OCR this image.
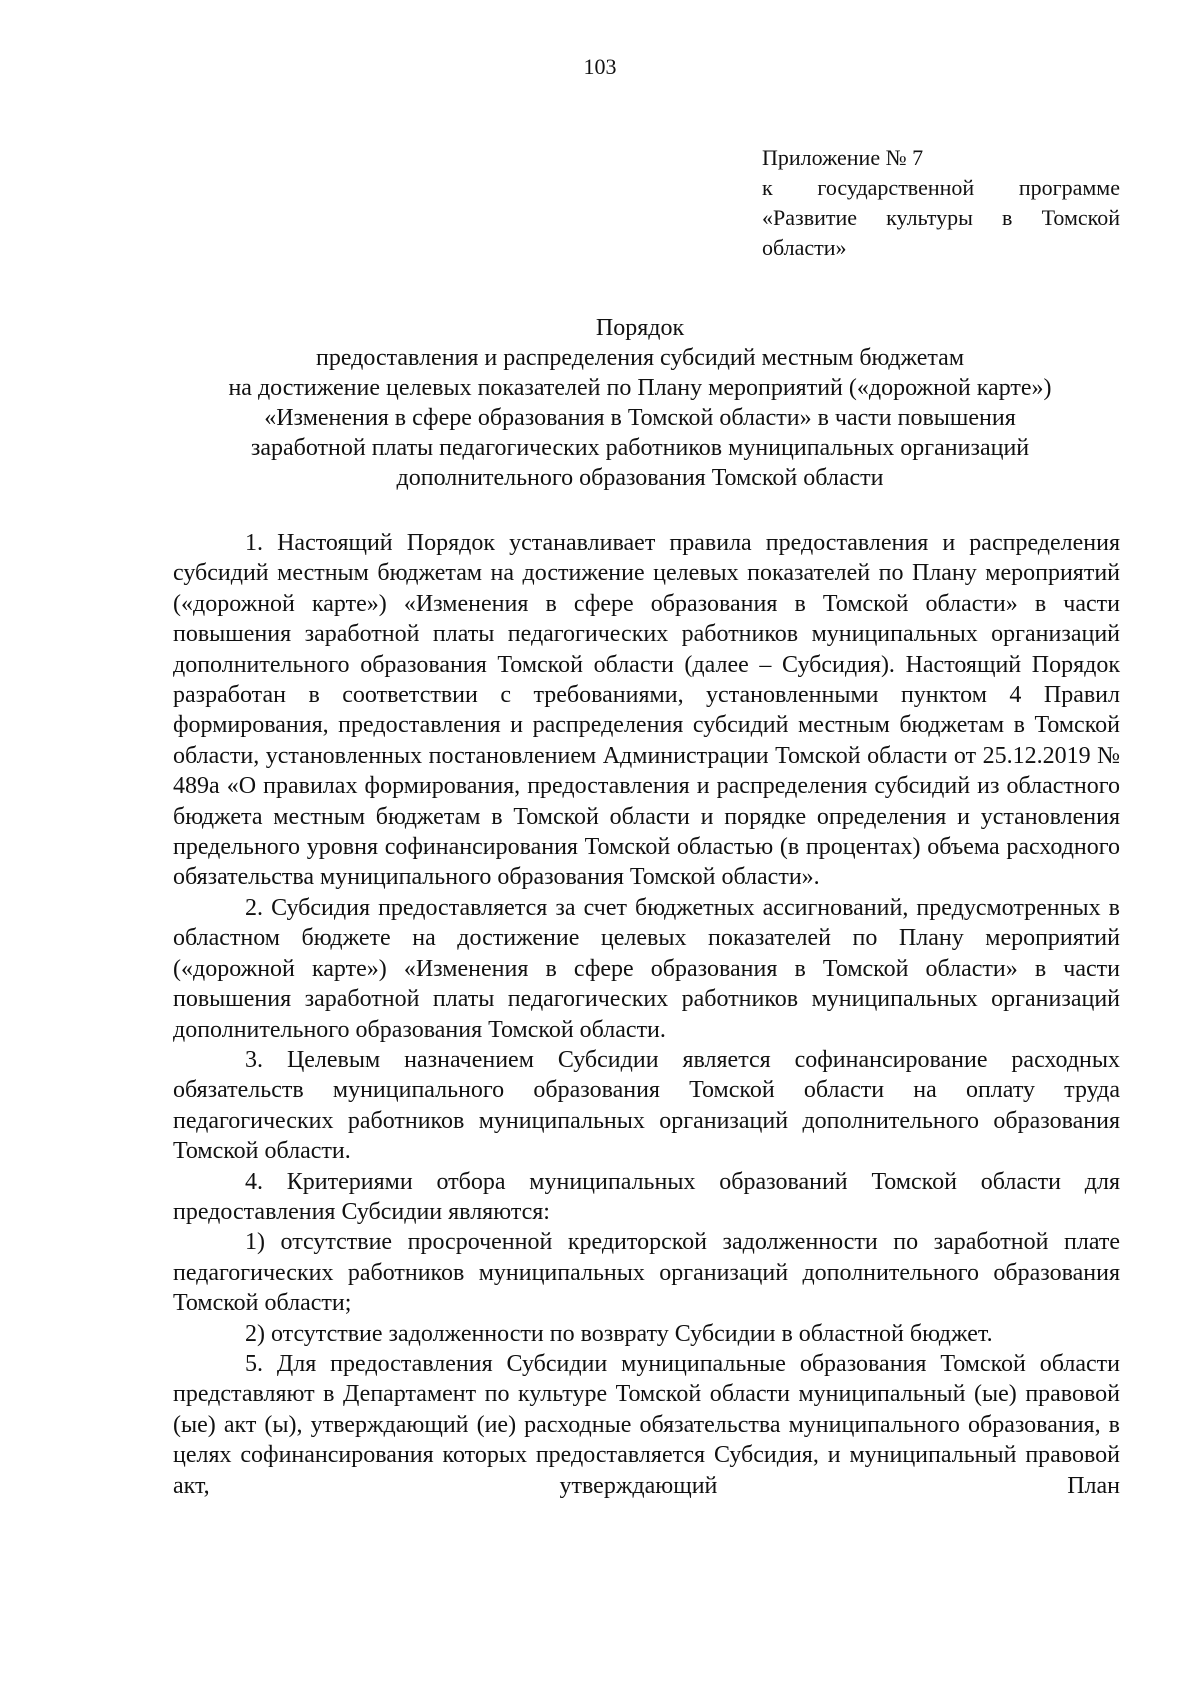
103
Приложение № 7
к государственной программе
«Развитие культуры в Томской
области»
Порядок
предоставления и распределения субсидий местным бюджетам
на достижение целевых показателей по Плану мероприятий («дорожной карте»)
«Изменения в сфере образования в Томской области» в части повышения
заработной платы педагогических работников муниципальных организаций
дополнительного образования Томской области

1. Настоящий Порядок устанавливает правила предоставления и распределения субсидий местным бюджетам на достижение целевых показателей по Плану мероприятий («дорожной карте») «Изменения в сфере образования в Томской области» в части повышения заработной платы педагогических работников муниципальных организаций дополнительного образования Томской области (далее – Субсидия). Настоящий Порядок разработан в соответствии с требованиями, установленными пунктом 4 Правил формирования, предоставления и распределения субсидий местным бюджетам в Томской области, установленных постановлением Администрации Томской области от 25.12.2019 № 489а «О правилах формирования, предоставления и распределения субсидий из областного бюджета местным бюджетам в Томской области и порядке определения и установления предельного уровня софинансирования Томской областью (в процентах) объема расходного обязательства муниципального образования Томской области».

2. Субсидия предоставляется за счет бюджетных ассигнований, предусмотренных в областном бюджете на достижение целевых показателей по Плану мероприятий («дорожной карте») «Изменения в сфере образования в Томской области» в части повышения заработной платы педагогических работников муниципальных организаций дополнительного образования Томской области.

3. Целевым назначением Субсидии является софинансирование расходных обязательств муниципального образования Томской области на оплату труда педагогических работников муниципальных организаций дополнительного образования Томской области.

4. Критериями отбора муниципальных образований Томской области для предоставления Субсидии являются:

1) отсутствие просроченной кредиторской задолженности по заработной плате педагогических работников муниципальных организаций дополнительного образования Томской области;

2) отсутствие задолженности по возврату Субсидии в областной бюджет.

5. Для предоставления Субсидии муниципальные образования Томской области представляют в Департамент по культуре Томской области муниципальный (ые) правовой (ые) акт (ы), утверждающий (ие) расходные обязательства муниципального образования, в целях софинансирования которых предоставляется Субсидия, и муниципальный правовой акт, утверждающий План
